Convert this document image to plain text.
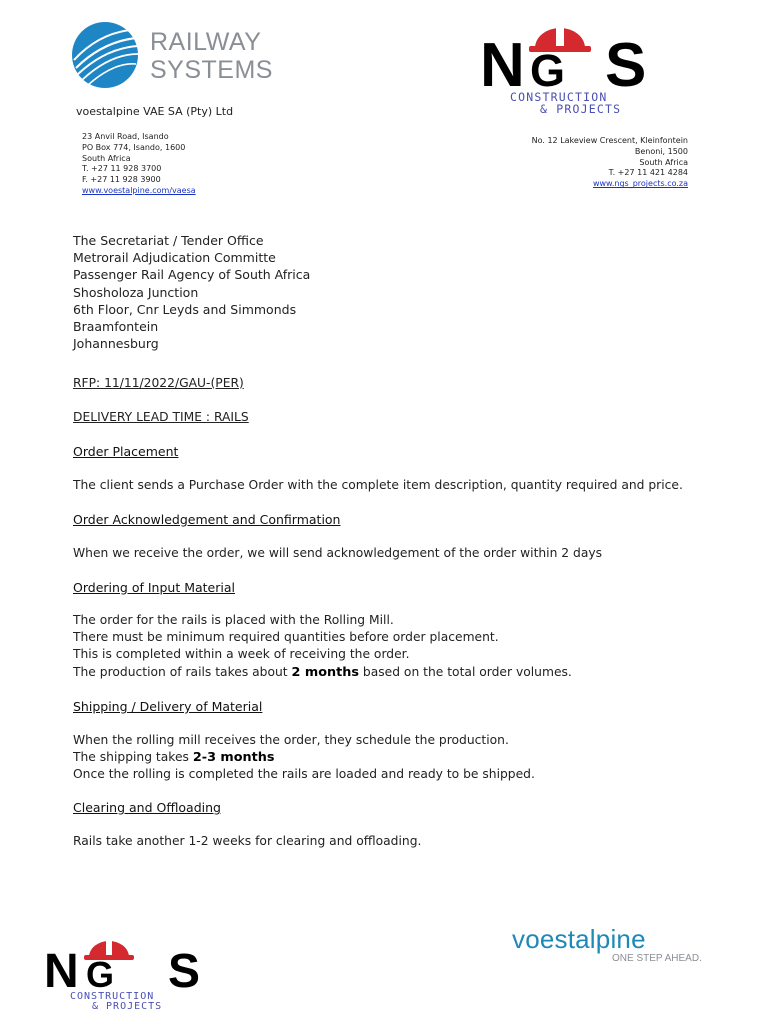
RAILWAY
SYSTEMS
voestalpine VAE SA (Pty) Ltd
23 Anvil Road, Isando
PO Box 774, Isando, 1600
South Africa
T. +27 11 928 3700
F. +27 11 928 3900
www.voestalpine.com/vaesa
N G S
CONSTRUCTION
& PROJECTS
No. 12 Lakeview Crescent, Kleinfontein
Benoni, 1500
South Africa
T. +27 11 421 4284
www.ngs_projects.co.za
The Secretariat / Tender Office
Metrorail Adjudication Committe
Passenger Rail Agency of South Africa
Shosholoza Junction
6th Floor, Cnr Leyds and Simmonds
Braamfontein
Johannesburg
RFP: 11/11/2022/GAU-(PER)
DELIVERY LEAD TIME : RAILS
Order Placement
The client sends a Purchase Order with the complete item description, quantity required and price.
Order Acknowledgement and Confirmation
When we receive the order, we will send acknowledgement of the order within 2 days
Ordering of Input Material
The order for the rails is placed with the Rolling Mill.
There must be minimum required quantities before order placement.
This is completed within a week of receiving the order.
The production of rails takes about 2 months based on the total order volumes.
Shipping / Delivery of Material
When the rolling mill receives the order, they schedule the production.
The shipping takes 2-3 months
Once the rolling is completed the rails are loaded and ready to be shipped.
Clearing and Offloading
Rails take another 1-2 weeks for clearing and offloading.
N G S
CONSTRUCTION
& PROJECTS
voestalpine
ONE STEP AHEAD.
